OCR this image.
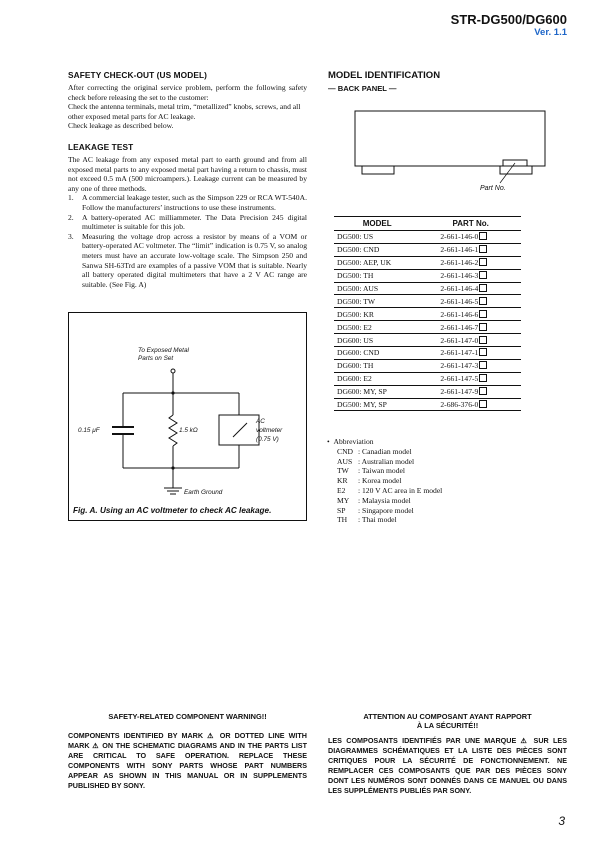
STR-DG500/DG600
Ver. 1.1
SAFETY CHECK-OUT (US MODEL)
After correcting the original service problem, perform the following safety check before releasing the set to the customer:
Check the antenna terminals, metal trim, “metallized” knobs, screws, and all other exposed metal parts for AC leakage.
Check leakage as described below.
LEAKAGE TEST
The AC leakage from any exposed metal part to earth ground and from all exposed metal parts to any exposed metal part having a return to chassis, must not exceed 0.5 mA (500 microampers.). Leakage current can be measured by any one of three methods.
1. A commercial leakage tester, such as the Simpson 229 or RCA WT-540A. Follow the manufacturers’ instructions to use these instruments.
2. A battery-operated AC milliammeter. The Data Precision 245 digital multimeter is suitable for this job.
3. Measuring the voltage drop across a resistor by means of a VOM or battery-operated AC voltmeter. The “limit” indication is 0.75 V, so analog meters must have an accurate low-voltage scale. The Simpson 250 and Sanwa SH-63Trd are examples of a passive VOM that is suitable. Nearly all battery operated digital multimeters that have a 2 V AC range are suitable. (See Fig. A)
To Exposed Metal
Parts on Set
0.15 μF	1.5 kΩ
AC
voltmeter
(0.75 V)
Earth Ground
Fig. A. Using an AC voltmeter to check AC leakage.
MODEL IDENTIFICATION
— BACK PANEL —
Part No.
MODEL	PART No.
DG500: US	2-661-146-0
DG500: CND	2-661-146-1
DG500: AEP, UK	2-661-146-2
DG500: TH	2-661-146-3
DG500: AUS	2-661-146-4
DG500: TW	2-661-146-5
DG500: KR	2-661-146-6
DG500: E2	2-661-146-7
DG600: US	2-661-147-0
DG600: CND	2-661-147-1
DG600: TH	2-661-147-3
DG600: E2	2-661-147-5
DG600: MY, SP	2-661-147-9
DG500: MY, SP	2-686-376-0
•  Abbreviation
CND : Canadian model
AUS : Australian model
TW	: Taiwan model
KR	: Korea model
E2	: 120 V AC area in E model
MY	: Malaysia model
SP	: Singapore model
TH	: Thai model
SAFETY-RELATED COMPONENT WARNING!!
COMPONENTS IDENTIFIED BY MARK ⚠ OR DOTTED LINE WITH MARK ⚠ ON THE SCHEMATIC DIAGRAMS AND IN THE PARTS LIST ARE CRITICAL TO SAFE OPERATION. REPLACE THESE COMPONENTS WITH SONY PARTS WHOSE PART NUMBERS APPEAR AS SHOWN IN THIS MANUAL OR IN SUPPLEMENTS PUBLISHED BY SONY.
ATTENTION AU COMPOSANT AYANT RAPPORT
À LA SÉCURITÉ!!
LES COMPOSANTS IDENTIFIÉS PAR UNE MARQUE ⚠ SUR LES DIAGRAMMES SCHÉMATIQUES ET LA LISTE DES PIÈCES SONT CRITIQUES POUR LA SÉCURITÉ DE FONCTIONNEMENT. NE REMPLACER CES COMPOSANTS QUE PAR DES PIÈCES SONY DONT LES NUMÉROS SONT DONNÉS DANS CE MANUEL OU DANS LES SUPPLÉMENTS PUBLIÉS PAR SONY.
3
